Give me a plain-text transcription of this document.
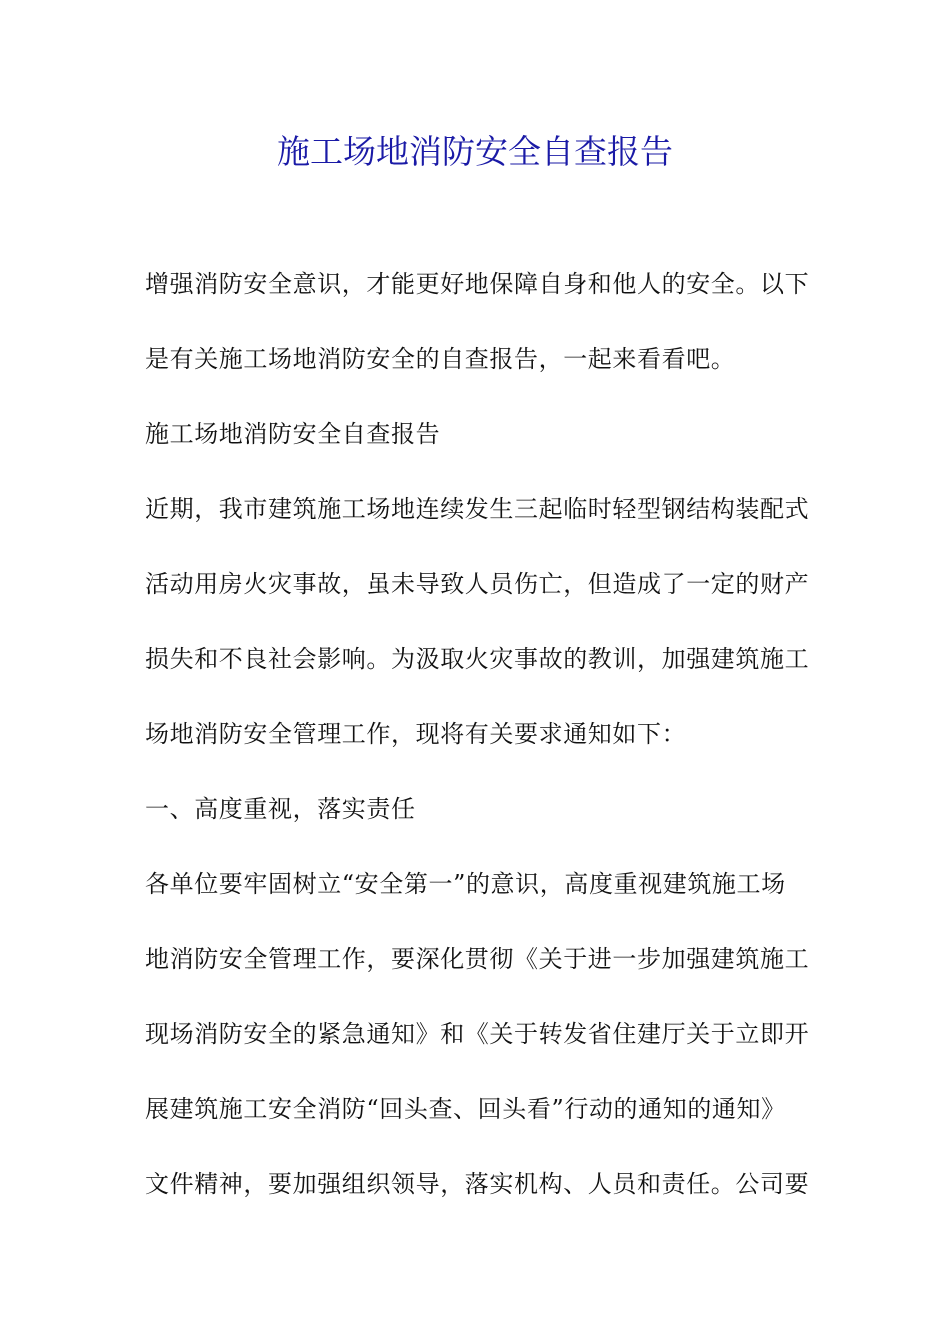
施工场地消防安全自查报告
增强消防安全意识，才能更好地保障自身和他人的安全。以下
是有关施工场地消防安全的自查报告，一起来看看吧。
施工场地消防安全自查报告
近期，我市建筑施工场地连续发生三起临时轻型钢结构装配式
活动用房火灾事故，虽未导致人员伤亡，但造成了一定的财产
损失和不良社会影响。为汲取火灾事故的教训，加强建筑施工
场地消防安全管理工作，现将有关要求通知如下：
一、高度重视，落实责任
各单位要牢固树立“安全第一”的意识，高度重视建筑施工场
地消防安全管理工作，要深化贯彻《关于进一步加强建筑施工
现场消防安全的紧急通知》和《关于转发省住建厅关于立即开
展建筑施工安全消防“回头查、回头看”行动的通知的通知》
文件精神，要加强组织领导，落实机构、人员和责任。公司要
